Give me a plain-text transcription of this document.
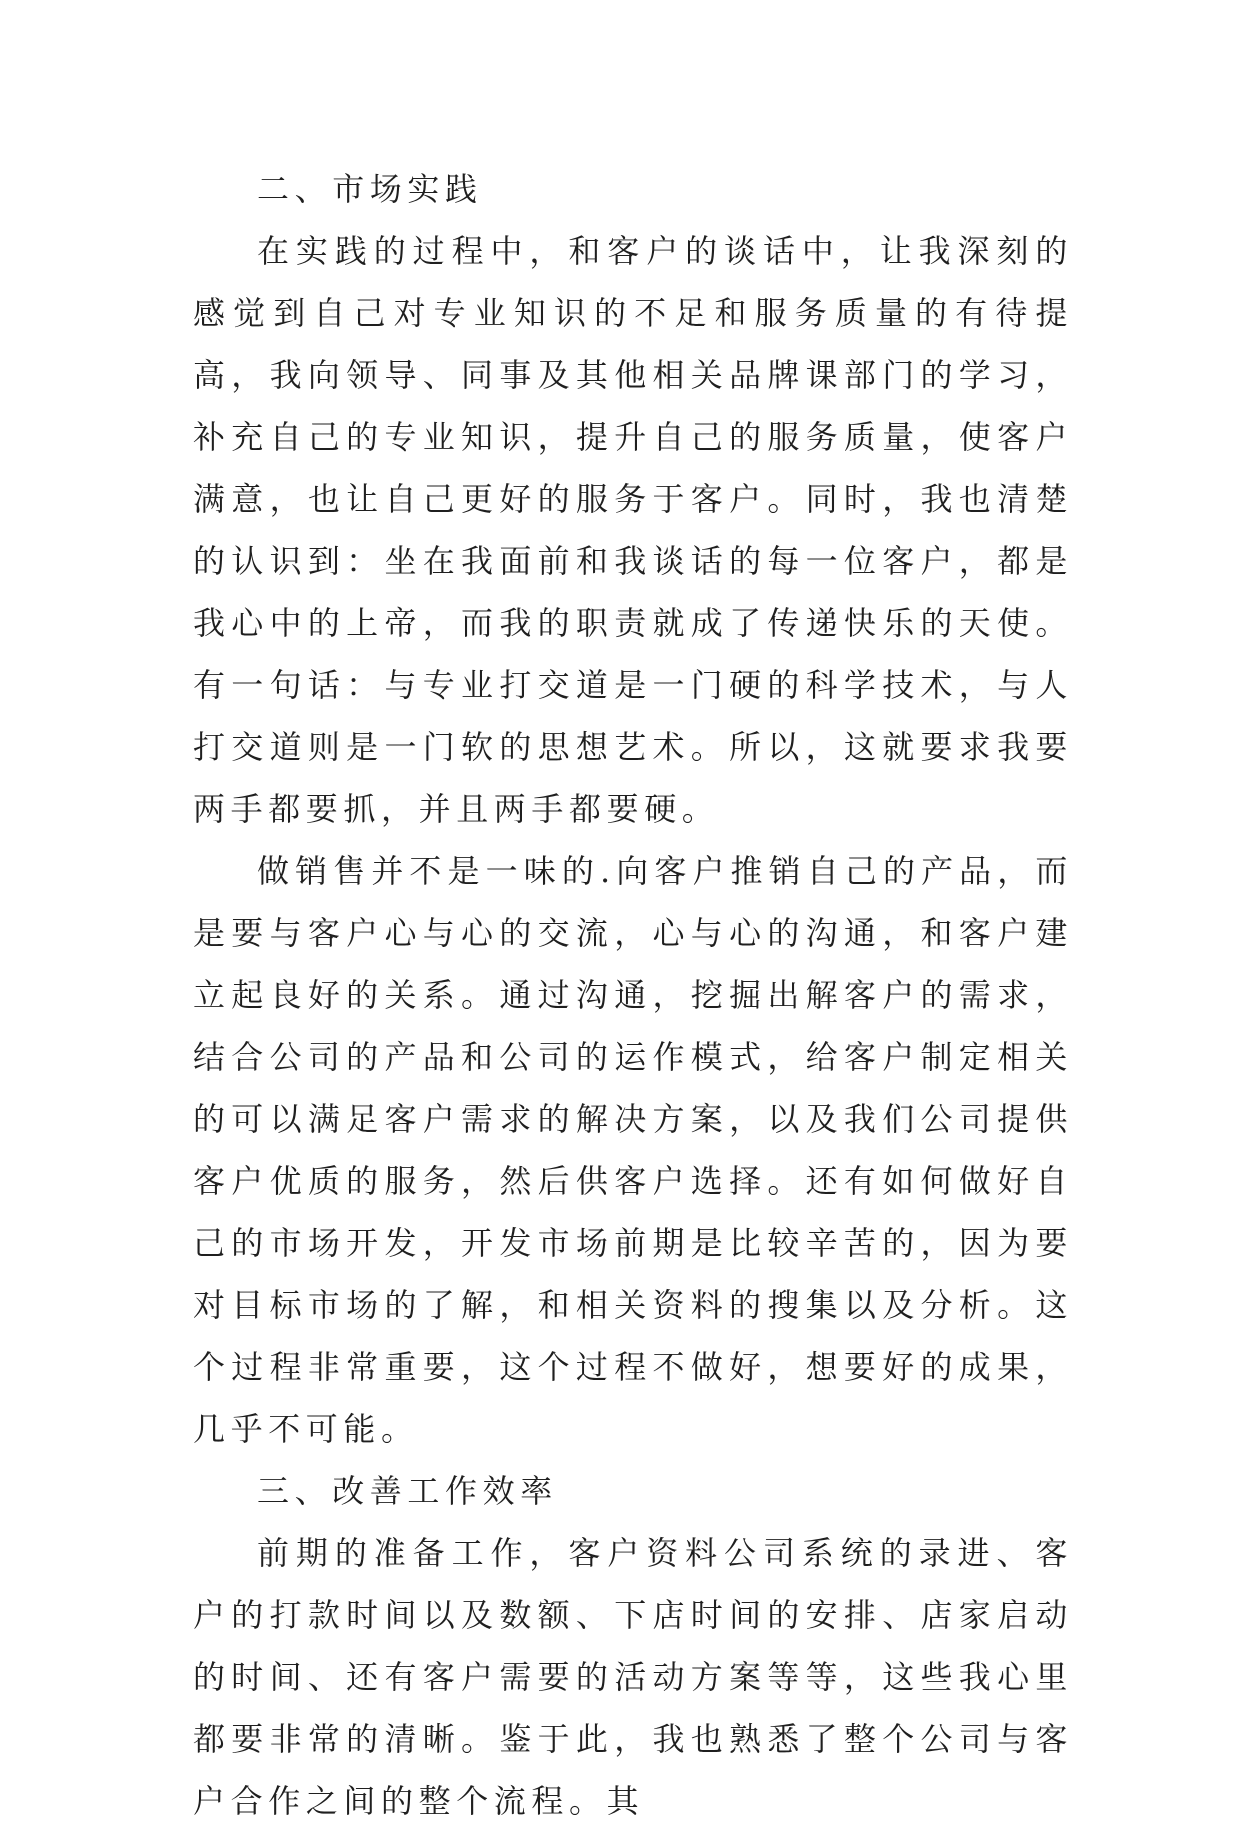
二、市场实践

在实践的过程中，和客户的谈话中，让我深刻的感觉到自己对专业知识的不足和服务质量的有待提高，我向领导、同事及其他相关品牌课部门的学习，补充自己的专业知识，提升自己的服务质量，使客户满意，也让自己更好的服务于客户。同时，我也清楚的认识到：坐在我面前和我谈话的每一位客户，都是我心中的上帝，而我的职责就成了传递快乐的天使。有一句话：与专业打交道是一门硬的科学技术，与人打交道则是一门软的思想艺术。所以，这就要求我要两手都要抓，并且两手都要硬。

做销售并不是一味的.向客户推销自己的产品，而是要与客户心与心的交流，心与心的沟通，和客户建立起良好的关系。通过沟通，挖掘出解客户的需求，结合公司的产品和公司的运作模式，给客户制定相关的可以满足客户需求的解决方案，以及我们公司提供客户优质的服务，然后供客户选择。还有如何做好自己的市场开发，开发市场前期是比较辛苦的，因为要对目标市场的了解，和相关资料的搜集以及分析。这个过程非常重要，这个过程不做好，想要好的成果，几乎不可能。

三、改善工作效率

前期的准备工作，客户资料公司系统的录进、客户的打款时间以及数额、下店时间的安排、店家启动的时间、还有客户需要的活动方案等等，这些我心里都要非常的清晰。鉴于此，我也熟悉了整个公司与客户合作之间的整个流程。其
